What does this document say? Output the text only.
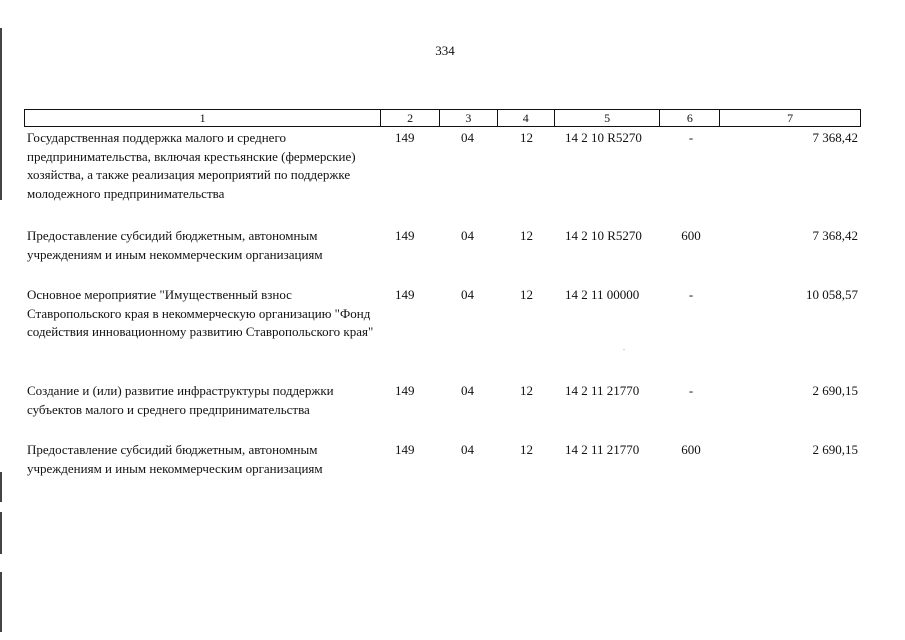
334
1	2	3	4	5	6	7
Государственная поддержка малого и среднего предпринимательства, включая крестьянские (фермерские) хозяйства, а также реализация мероприятий по поддержке молодежного предпринимательства
149	04	12	14 2 10 R5270	-	7 368,42
Предоставление субсидий бюджетным, автономным учреждениям и иным некоммерческим организациям
149	04	12	14 2 10 R5270	600	7 368,42
Основное мероприятие "Имущественный взнос Ставропольского края в некоммерческую организацию "Фонд содействия инновационному развитию Ставропольского края"
149	04	12	14 2 11 00000	-	10 058,57
Создание и (или) развитие инфраструктуры поддержки субъектов малого и среднего предпринимательства
149	04	12	14 2 11 21770	-	2 690,15
Предоставление субсидий бюджетным, автономным учреждениям и иным некоммерческим организациям
149	04	12	14 2 11 21770	600	2 690,15
